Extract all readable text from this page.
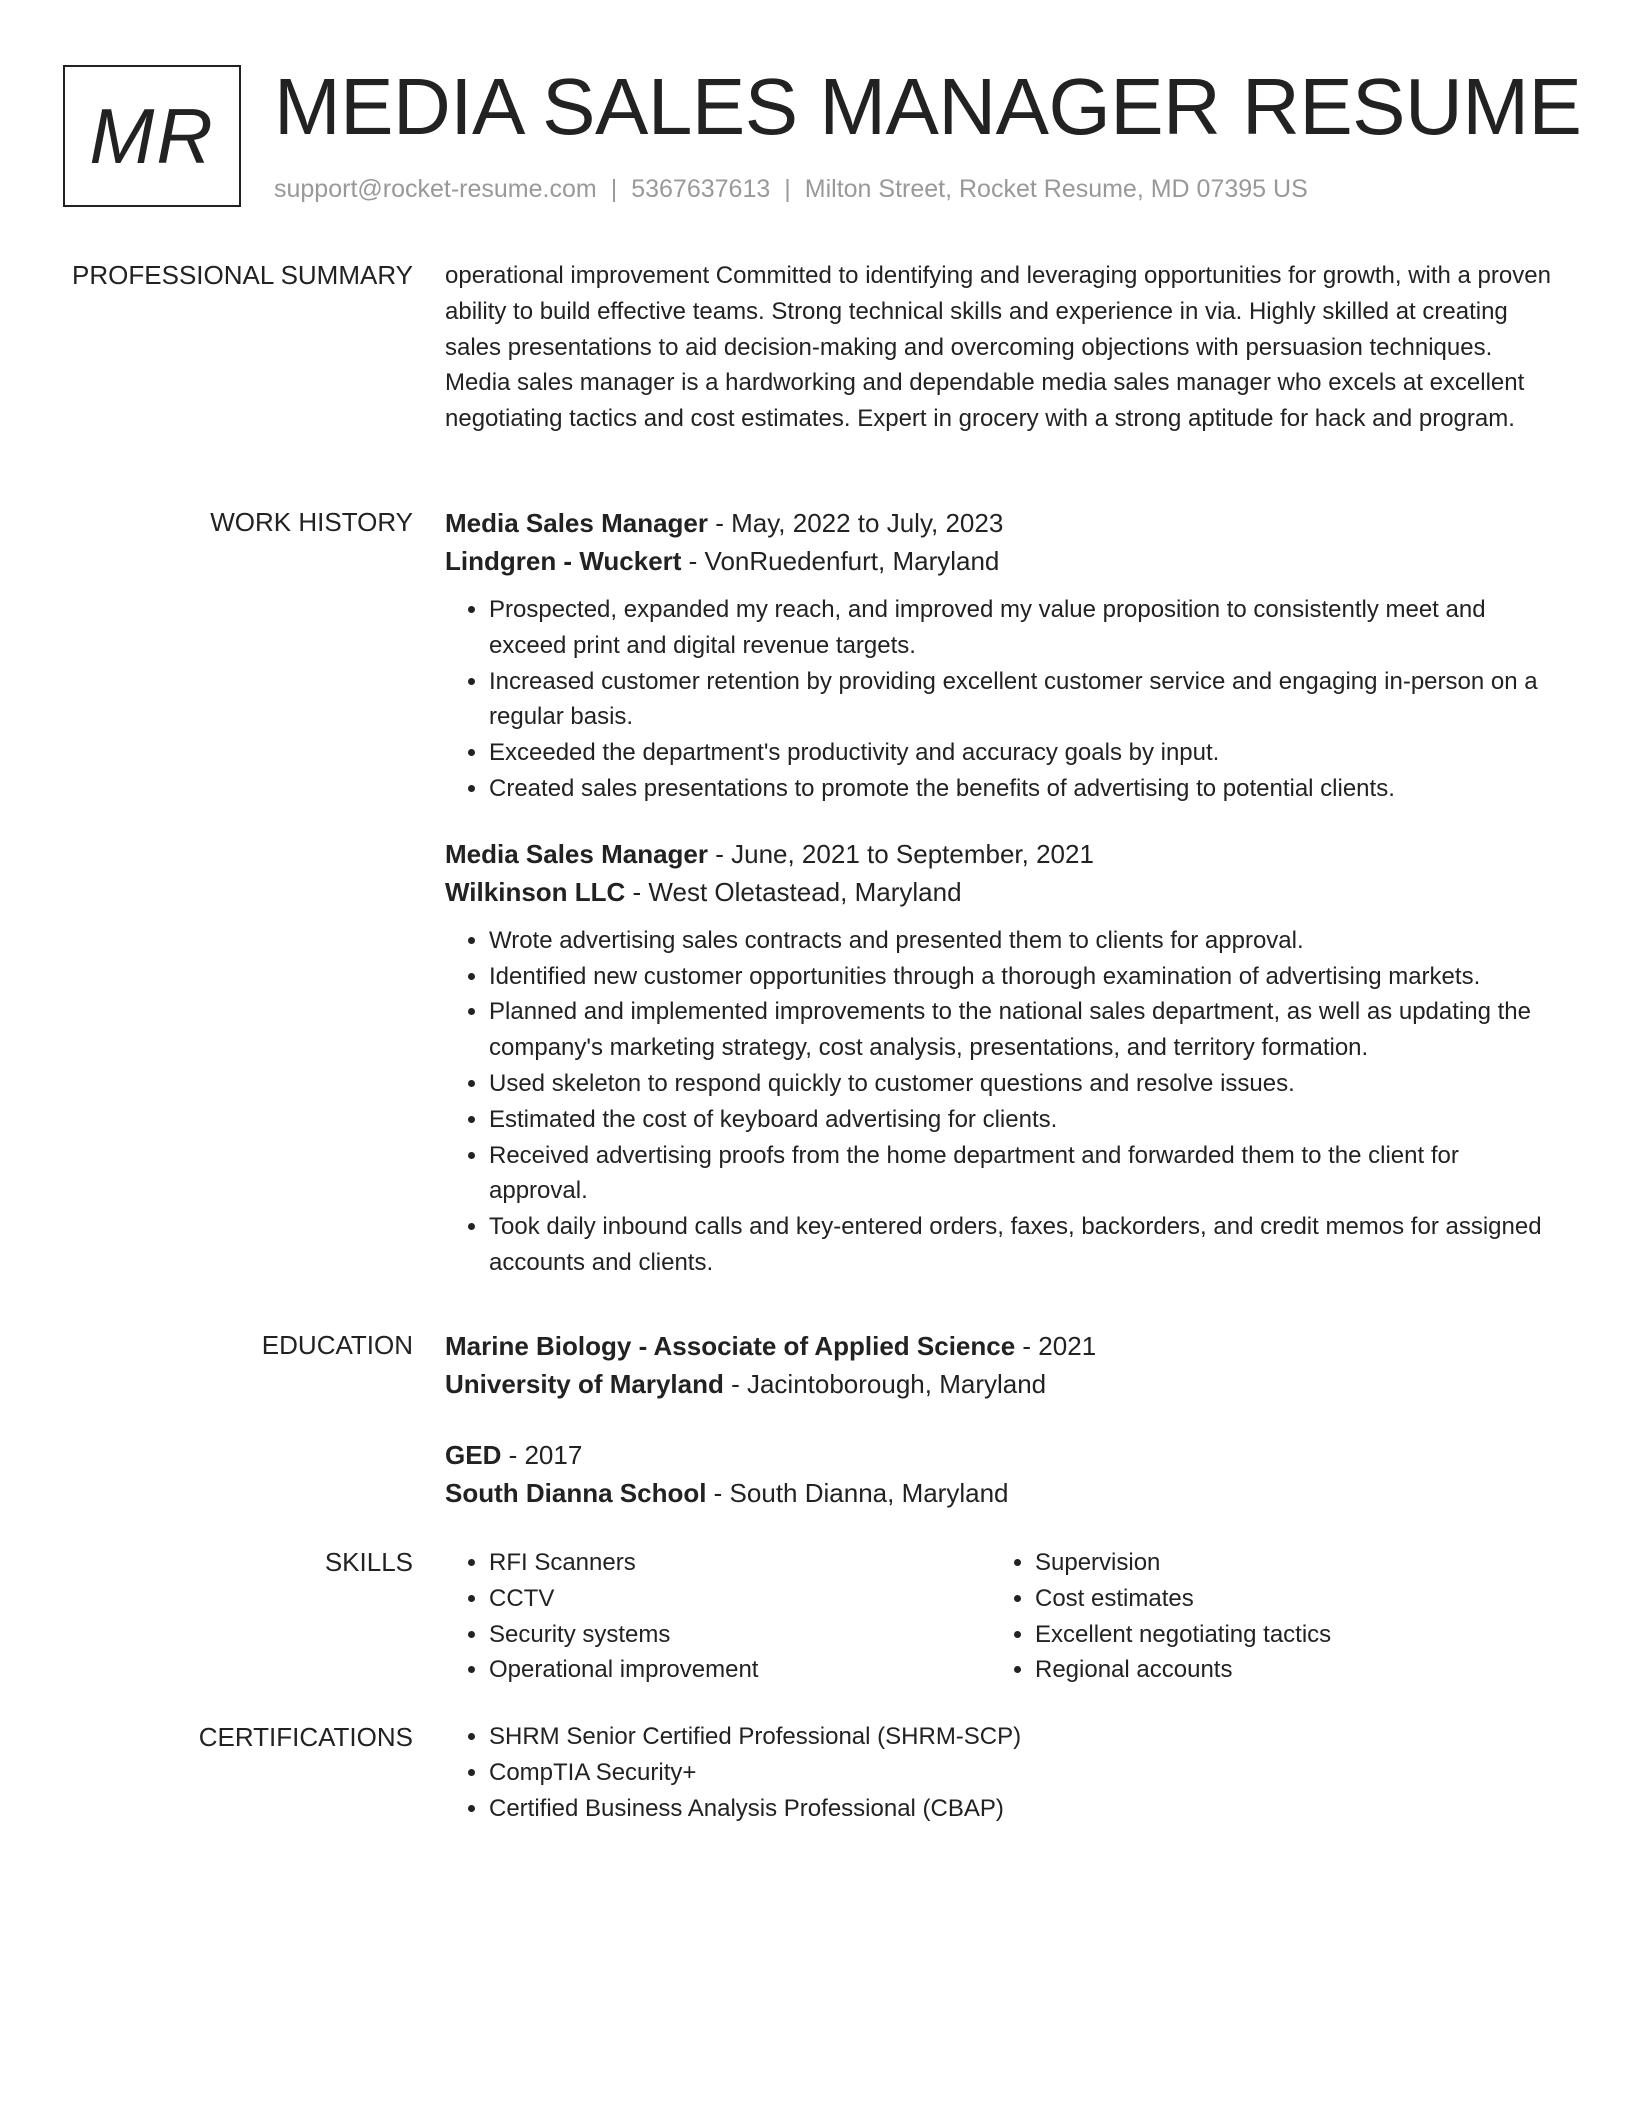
MR MEDIA SALES MANAGER RESUME
support@rocket-resume.com | 5367637613 | Milton Street, Rocket Resume, MD 07395 US
PROFESSIONAL SUMMARY operational improvement Committed to identifying and leveraging opportunities for growth, with a proven ability to build effective teams. Strong technical skills and experience in via. Highly skilled at creating sales presentations to aid decision-making and overcoming objections with persuasion techniques. Media sales manager is a hardworking and dependable media sales manager who excels at excellent negotiating tactics and cost estimates. Expert in grocery with a strong aptitude for hack and program.

WORK HISTORY Media Sales Manager - May, 2022 to July, 2023

Lindgren - Wuckert - VonRuedenfurt, Maryland

• Prospected, expanded my reach, and improved my value proposition to consistently meet and exceed print and digital revenue targets.
• Increased customer retention by providing excellent customer service and engaging in-person on a regular basis.
• Exceeded the department's productivity and accuracy goals by input.
• Created sales presentations to promote the benefits of advertising to potential clients.

Media Sales Manager - June, 2021 to September, 2021

Wilkinson LLC - West Oletastead, Maryland

• Wrote advertising sales contracts and presented them to clients for approval.
• Identified new customer opportunities through a thorough examination of advertising markets.
• Planned and implemented improvements to the national sales department, as well as updating the company's marketing strategy, cost analysis, presentations, and territory formation.
• Used skeleton to respond quickly to customer questions and resolve issues.
• Estimated the cost of keyboard advertising for clients.
• Received advertising proofs from the home department and forwarded them to the client for approval.
• Took daily inbound calls and key-entered orders, faxes, backorders, and credit memos for assigned accounts and clients.
EDUCATION Marine Biology - Associate of Applied Science - 2021

University of Maryland - Jacintoborough, Maryland

GED - 2017

South Dianna School - South Dianna, Maryland

SKILLS	• RFI Scanners
• CCTV
• Security systems
• Operational improvement
• Supervision
• Cost estimates
• Excellent negotiating tactics
• Regional accounts
CERTIFICATIONS	• SHRM Senior Certified Professional (SHRM-SCP)
• CompTIA Security+
• Certified Business Analysis Professional (CBAP)
